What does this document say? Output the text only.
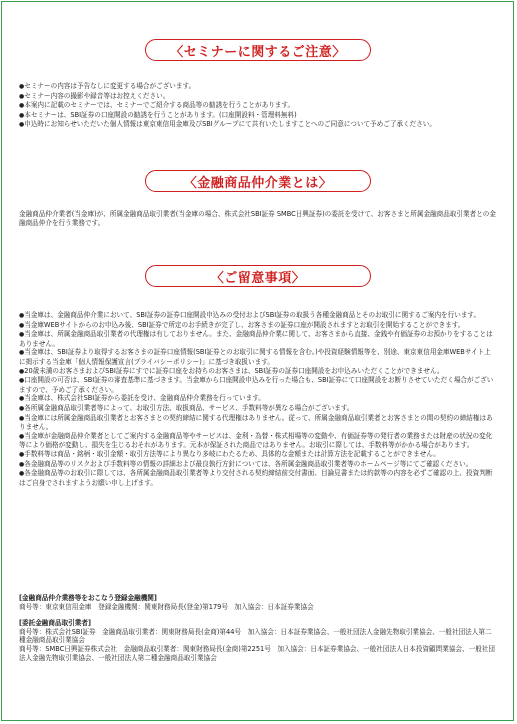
〈セミナーに関するご注意〉

● セミナーの内容は予告なしに変更する場合がございます。

● セミナー内容の撮影や録音等はお控えください。

● 本案内に記載のセミナーでは、セミナーでご紹介する商品等の勧誘を行うことがあります。

● 本セミナーは、SBI証券の口座開設の勧誘を行うことがあります。(口座開設料・管理料無料)

● 申込時にお知らせいただいた個人情報は東京東信用金庫及びSBIグループにて共有いたしますことへのご同意について予めご了承ください。

〈金融商品仲介業とは〉

金融商品仲介業者(当金庫)が、所属金融商品取引業者(当金庫の場合、株式会社SBI証券 SMBC日興証券)の委託を受けて、お客さまと所属金融商品取引業者との金融商品仲介を行う業務です。

〈ご留意事項〉

● 当金庫は、金融商品仲介業において、SBI証券の証券口座開設申込みの受付およびSBI証券の取扱う各種金融商品とそのお取引に関するご案内を行います。

● 当金庫WEBサイトからのお申込み後、SBI証券で所定のお手続きが完了し、お客さまの証券口座が開設されますとお取引を開始することができます。

● 当金庫は、所属金融商品取引業者の代理権は有しておりません。また、金融商品仲介業に関して、お客さまから直接、金銭や有価証券のお預かりをすることはありません。

● 当金庫は、SBI証券より取得するお客さまの証券口座情報(SBI証券とのお取引に関する情報を含む。)や投資経験情報等を、別途、東京東信用金庫WEBサイト上に掲示する当金庫「個人情報保護宣言(プライバシーポリシー)」に基づき取扱います。

● 20歳未満のお客さまおよびSBI証券にすでに証券口座をお持ちのお客さまは、SBI証券の証券口座開設をお申込みいただくことができません。

● 口座開設の可否は、SBI証券の審査基準に基づきます。当金庫から口座開設申込みを行った場合も、SBI証券にて口座開設をお断りさせていただく場合がございますので、予めご了承ください。

● 当金庫は、株式会社SBI証券から委託を受け、金融商品仲介業務を行っています。

● 各所属金融商品取引業者等によって、お取引方法、取扱商品、サービス、手数料等が異なる場合がございます。

● 当金庫には所属金融商品取引業者とお客さまとの契約締結に関する代理権はありません。従って、所属金融商品取引業者とお客さまとの間の契約の締結権はありません。

● 当金庫が金融商品仲介業者としてご案内する金融商品等やサービスは、金利・為替・株式相場等の変動や、有価証券等の発行者の業務または財産の状況の変化等により価格が変動し、損失を生じるおそれがあります。元本が保証された商品ではありません。お取引に際しては、手数料等がかかる場合があります。

● 手数料等は商品・銘柄・取引金額・取引方法等により異なり多岐にわたるため、具体的な金額または計算方法を記載することができません。

● 各金融商品等のリスクおよび手数料等の情報の詳細および最良執行方針については、各所属金融商品取引業者等のホームページ等にてご確認ください。

● 各金融商品等のお取引に際しては、各所属金融商品取引業者等より交付される契約締結前交付書面、目論見書または約款等の内容を必ずご確認の上、投資判断はご自身でされますようお願い申し上げます。

[金融商品仲介業務等をおこなう登録金融機関]

商号等：東京東信用金庫　登録金融機関：関東財務局長(登金)第179号　加入協会：日本証券業協会

[委託金融商品取引業者]

商号等：株式会社SBI証券　金融商品取引業者：関東財務局長(金商)第44号　加入協会：日本証券業協会、一般社団法人金融先物取引業協会、一般社団法人第二種金融商品取引業協会

商号等：SMBC日興証券株式会社　金融商品取引業者：関東財務局長(金商)第2251号　加入協会：日本証券業協会、一般社団法人日本投資顧問業協会、一般社団法人金融先物取引業協会、一般社団法人第二種金融商品取引業協会
